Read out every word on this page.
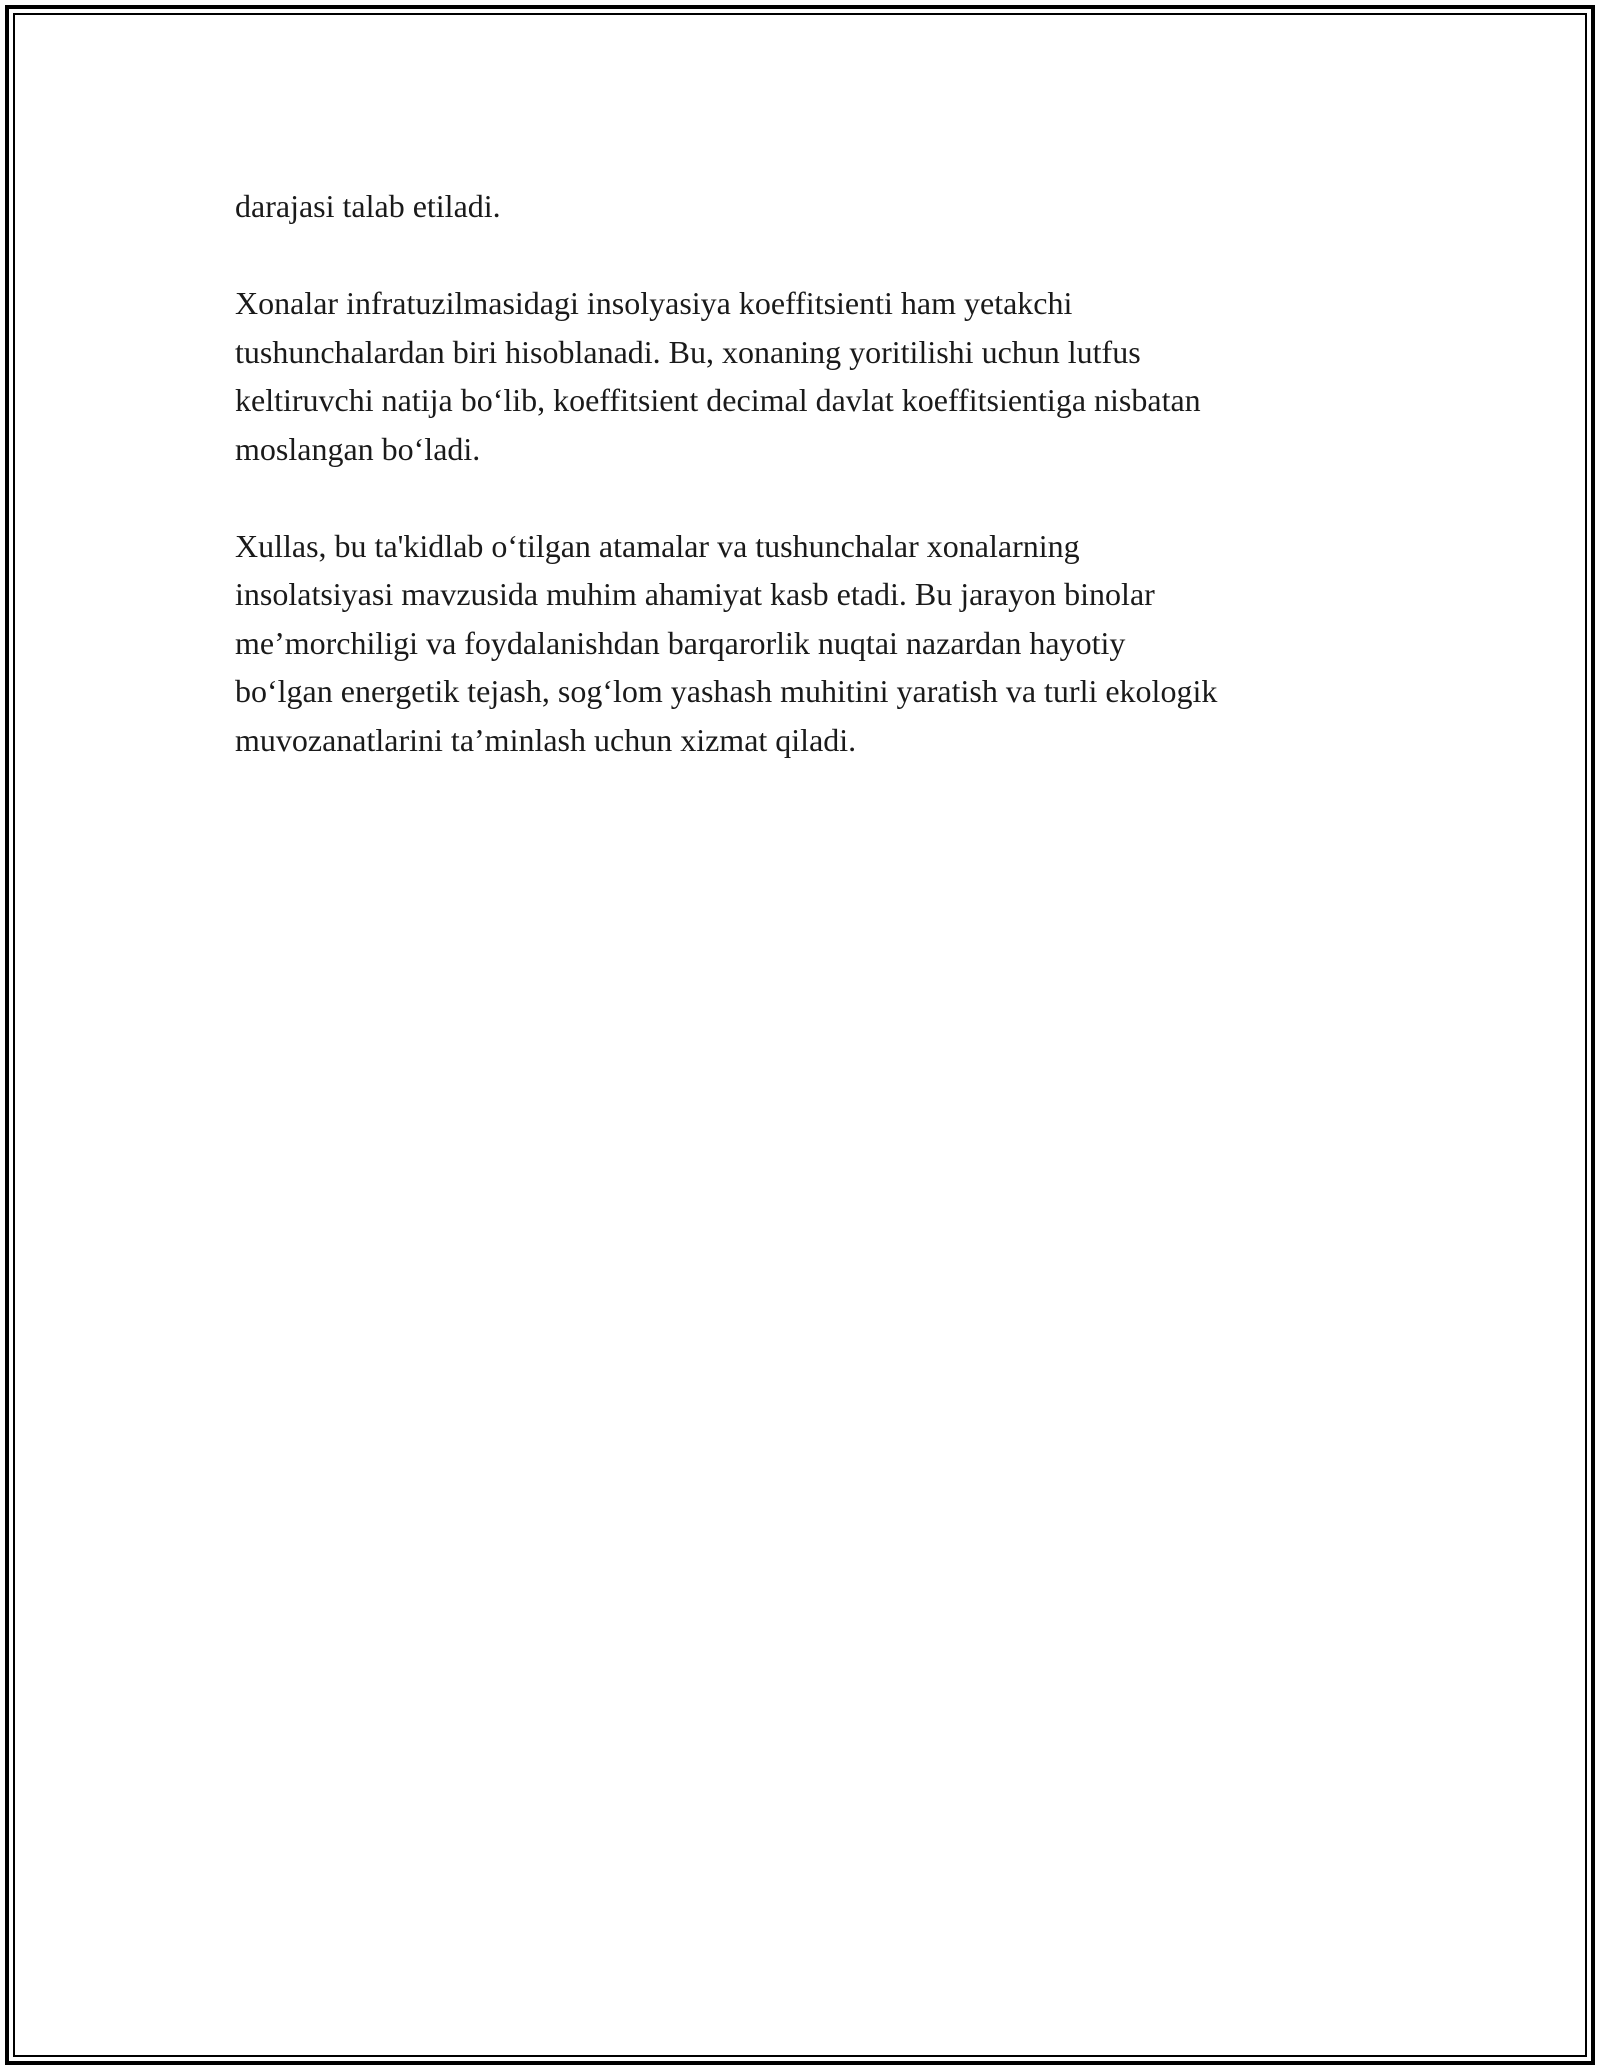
darajasi talab etiladi.

Xonalar infratuzilmasidagi insolyasiya koeffitsienti ham yetakchi
tushunchalardan biri hisoblanadi. Bu, xonaning yoritilishi uchun lutfus
keltiruvchi natija bo‘lib, koeffitsient decimal davlat koeffitsientiga nisbatan
moslangan bo‘ladi.

Xullas, bu ta'kidlab o‘tilgan atamalar va tushunchalar xonalarning
insolatsiyasi mavzusida muhim ahamiyat kasb etadi. Bu jarayon binolar
me’morchiligi va foydalanishdan barqarorlik nuqtai nazardan hayotiy
bo‘lgan energetik tejash, sog‘lom yashash muhitini yaratish va turli ekologik
muvozanatlarini ta’minlash uchun xizmat qiladi.
